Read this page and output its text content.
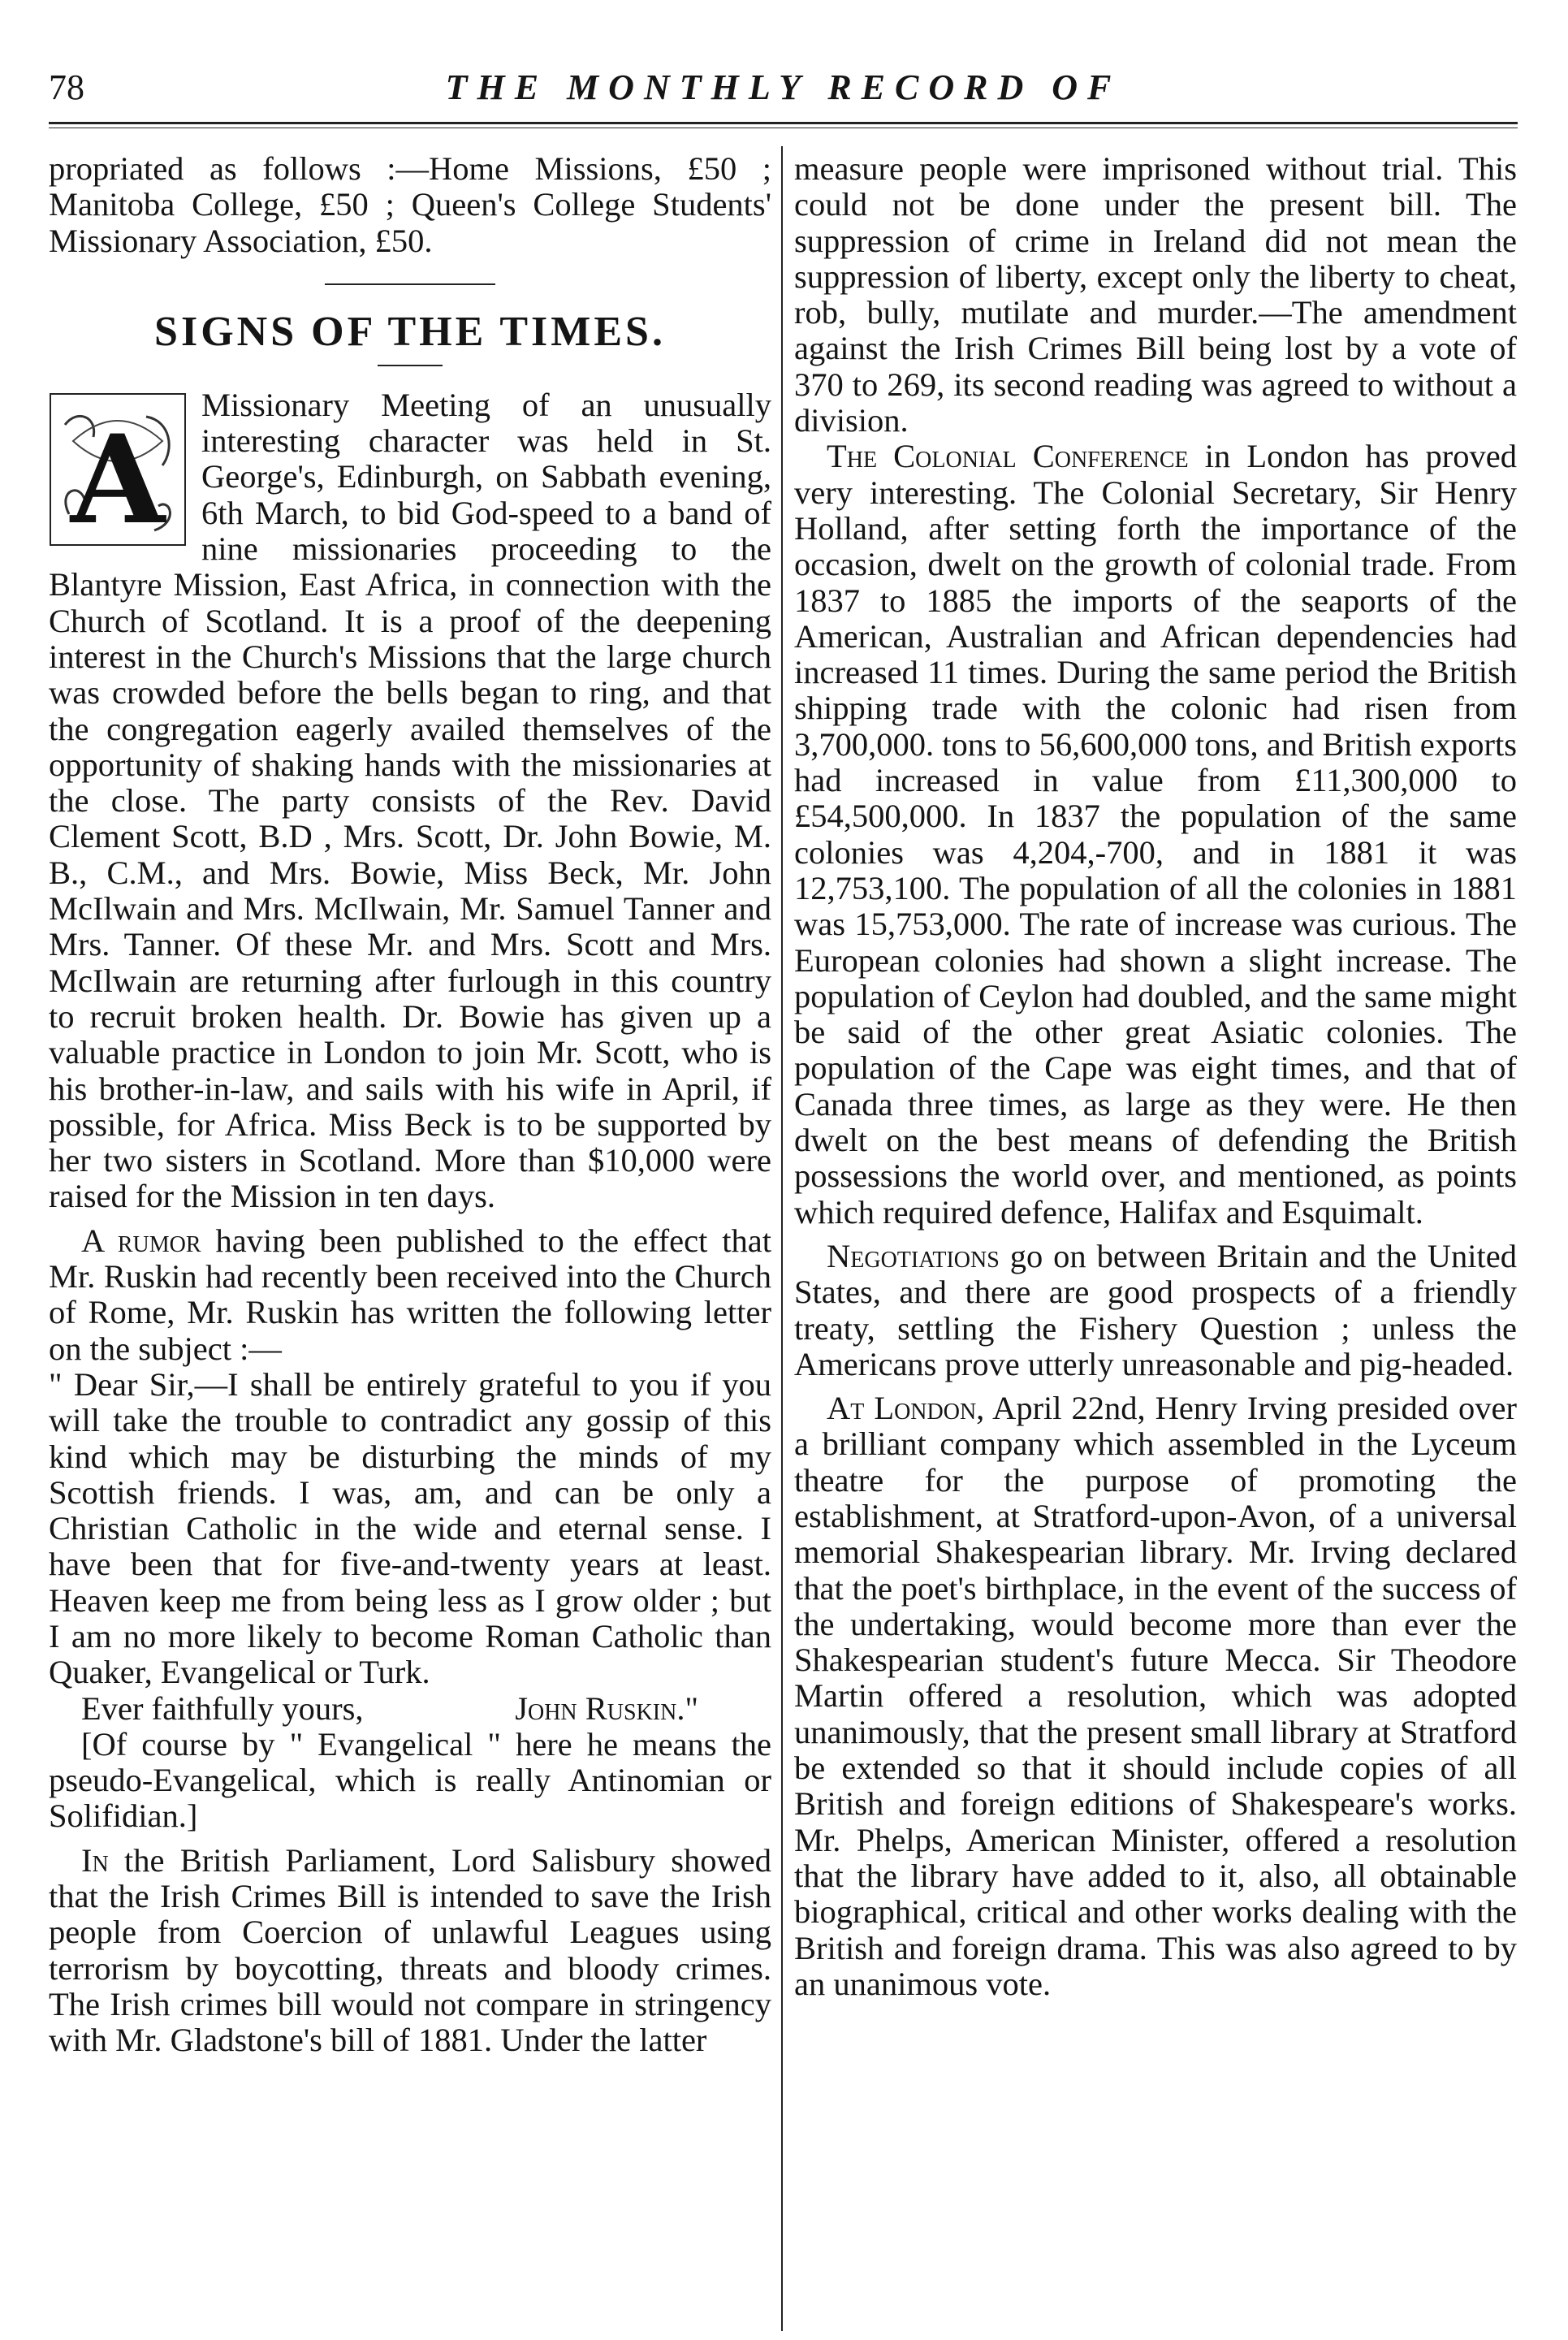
78	THE MONTHLY RECORD OF

propriated as follows :—Home Missions, £50 ; Manitoba College, £50 ; Queen's College Students' Missionary Association, £50.

SIGNS OF THE TIMES.

A
Missionary Meeting of an unusually interesting character was held in St. George's, Edinburgh, on Sabbath evening, 6th March, to bid God-speed to a band of nine missionaries proceeding to the Blantyre Mission, East Africa, in connection with the Church of Scotland. It is a proof of the deepening interest in the Church's Missions that the large church was crowded before the bells began to ring, and that the congregation eagerly availed themselves of the opportunity of shaking hands with the missionaries at the close. The party consists of the Rev. David Clement Scott, B.D , Mrs. Scott, Dr. John Bowie, M. B., C.M., and Mrs. Bowie, Miss Beck, Mr. John McIlwain and Mrs. McIlwain, Mr. Samuel Tanner and Mrs. Tanner. Of these Mr. and Mrs. Scott and Mrs. McIlwain are returning after furlough in this country to recruit broken health. Dr. Bowie has given up a valuable practice in London to join Mr. Scott, who is his brother-in-law, and sails with his wife in April, if possible, for Africa. Miss Beck is to be supported by her two sisters in Scotland. More than $10,000 were raised for the Mission in ten days.

A rumor having been published to the effect that Mr. Ruskin had recently been received into the Church of Rome, Mr. Ruskin has written the following letter on the subject :—

" Dear Sir,—I shall be entirely grateful to you if you will take the trouble to contradict any gossip of this kind which may be disturbing the minds of my Scottish friends. I was, am, and can be only a Christian Catholic in the wide and eternal sense. I have been that for five-and-twenty years at least. Heaven keep me from being less as I grow older ; but I am no more likely to become Roman Catholic than Quaker, Evangelical or Turk.

Ever faithfully yours,	John Ruskin."

[Of course by " Evangelical " here he means the pseudo-Evangelical, which is really Antinomian or Solifidian.]

In the British Parliament, Lord Salisbury showed that the Irish Crimes Bill is intended to save the Irish people from Coercion of unlawful Leagues using terrorism by boycotting, threats and bloody crimes. The Irish crimes bill would not compare in stringency with Mr. Gladstone's bill of 1881. Under the latter

measure people were imprisoned without trial. This could not be done under the present bill. The suppression of crime in Ireland did not mean the suppression of liberty, except only the liberty to cheat, rob, bully, mutilate and murder.—The amendment against the Irish Crimes Bill being lost by a vote of 370 to 269, its second reading was agreed to without a division.

The Colonial Conference in London has proved very interesting. The Colonial Secretary, Sir Henry Holland, after setting forth the importance of the occasion, dwelt on the growth of colonial trade. From 1837 to 1885 the imports of the seaports of the American, Australian and African dependencies had increased 11 times. During the same period the British shipping trade with the colonic had risen from 3,700,000. tons to 56,600,000 tons, and British exports had increased in value from £11,300,000 to £54,500,000. In 1837 the population of the same colonies was 4,204,-700, and in 1881 it was 12,753,100. The population of all the colonies in 1881 was 15,753,000. The rate of increase was curious. The European colonies had shown a slight increase. The population of Ceylon had doubled, and the same might be said of the other great Asiatic colonies. The population of the Cape was eight times, and that of Canada three times, as large as they were. He then dwelt on the best means of defending the British possessions the world over, and mentioned, as points which required defence, Halifax and Esquimalt.

Negotiations go on between Britain and the United States, and there are good prospects of a friendly treaty, settling the Fishery Question ; unless the Americans prove utterly unreasonable and pig-headed.

At London, April 22nd, Henry Irving presided over a brilliant company which assembled in the Lyceum theatre for the purpose of promoting the establishment, at Stratford-upon-Avon, of a universal memorial Shakespearian library. Mr. Irving declared that the poet's birthplace, in the event of the success of the undertaking, would become more than ever the Shakespearian student's future Mecca. Sir Theodore Martin offered a resolution, which was adopted unanimously, that the present small library at Stratford be extended so that it should include copies of all British and foreign editions of Shakespeare's works. Mr. Phelps, American Minister, offered a resolution that the library have added to it, also, all obtainable biographical, critical and other works dealing with the British and foreign drama. This was also agreed to by an unanimous vote.
